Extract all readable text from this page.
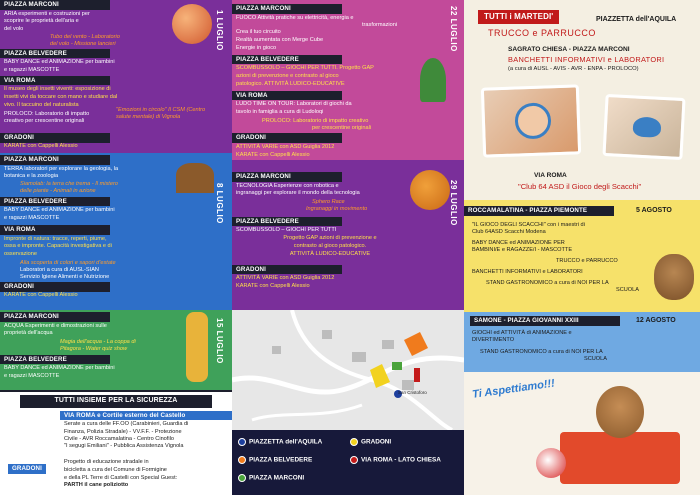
PIAZZA MARCONI
ARIA esperimenti e costruzioni per
scoprire le proprietà dell'aria e
del volo
Tubo del vento - Laboratorio
del volo - Missione lancieri
PIAZZA BELVEDERE
BABY DANCE ed ANIMAZIONE per bambini
e ragazzi MASCOTTE
VIA ROMA
Il museo degli insetti viventi: esposizione di
insetti vivi da toccare con mano e studiare dal
vivo. Il taccuino del naturalista
PROLOCO: Laboratorio di impatto creativo per crescentine originali
"Emozioni in circolo" Il CSM (Centro salute mentale) di Vignola
1 LUGLIO
GRADONI
KARATE con Cappelli Alessio
PIAZZA MARCONI
TERRA laboratori per esplorare la geologia, la
botanica e la zoologia
Siamolab: la terra che trema - Il mistero
delle piante - Animali in azione
PIAZZA BELVEDERE
BABY DANCE ed ANIMAZIONE per bambini
e ragazzi MASCOTTE
VIA ROMA
Impronte di natura: tracce, reperti, piume,
ossa e impronte. Capacità investigativa e di
osservazione
Alla scoperta di colori e sapori d'estate
Laboratori a cura di AUSL-SIAN
Servizio Igiene Alimenti e Nutrizione
GRADONI
KARATE con Cappelli Alessio
8 LUGLIO
PIAZZA MARCONI
ACQUA Esperimenti e dimostrazioni sulle
proprietà dell'acqua
Magia dell'acqua - La coppa di
Pitagora - Water quiz show
PIAZZA BELVEDERE
BABY DANCE ed ANIMAZIONE per bambini
e ragazzi MASCOTTE
15 LUGLIO
TUTTI INSIEME PER LA SICUREZZA
VIA ROMA e Cortile esterno del Castello
Serate a cura delle FF.OO (Carabinieri, Guardia di
Finanza, Polizia Stradale) - VV.F.F. - Protezione
Civile - AVR Roccamalatina - Centro Cinofilo
"I segugi Emiliani" - Pubblica Assistenza Vignola
GRADONI
Progetto di educazione stradale in
bicicletta a cura del Comune di Formigine
e della PL Terre di Castelli con Special Guest:
PARTH il cane poliziotto
PIAZZA MARCONI
FUOCO Attività pratiche su elettricità, energia e
trasformazioni
Crea il tuo circuito
Realtà aumentata con Merge Cube
Energie in gioco
PIAZZA BELVEDERE
SCOMBUSSOLO – GIOCHI PER TUTTI. Progetto GAP
azioni di prevenzione e contrasto al gioco
patologico. ATTIVITÀ LUDICO-EDUCATIVE
VIA ROMA
LUDO TIME ON TOUR: Laboratori di giochi da
tavolo in famiglia a cura di Ludoloqi
PROLOCO: Laboratorio di impatto creativo
per crescentine originali
GRADONI
ATTIVITÀ VARIE con ASD Guiglia 2012
KARATE con Cappelli Alessio
22 LUGLIO
PIAZZA MARCONI
TECNOLOGIA Esperienze con robotica e
ingranaggi per esplorare il mondo della tecnologia
Sphero Race
Ingranaggi in movimento
PIAZZA BELVEDERE
SCOMBUSSOLO – GIOCHI PER TUTTI
Progetto GAP azioni di prevenzione e
contrasto al gioco patologico.
ATTIVITÀ LUDICO-EDUCATIVE
GRADONI
ATTIVITÀ VARIE con ASD Guiglia 2012
KARATE con Cappelli Alessio
29 LUGLIO
San Cristoforo
PIAZZETTA dell'AQUILA	GRADONI
PIAZZA BELVEDERE	VIA ROMA - LATO CHIESA
PIAZZA MARCONI
TUTTI i MARTEDI'	PIAZZETTA dell'AQUILA
TRUCCO e PARRUCCO
SAGRATO CHIESA - PIAZZA MARCONI
BANCHETTI INFORMATIVI e LABORATORI
(a cura di AUSL - AVIS - AVR - ENPA - PROLOCO)
VIA ROMA
"Club 64 ASD il Gioco degli Scacchi"
ROCCAMALATINA - PIAZZA PIEMONTE	5 AGOSTO
"IL GIOCO DEGLI SCACCHI" con i maestri di
Club 64ASD Scacchi Modena
BABY DANCE ed ANIMAZIONE PER
BAMBINI/E e RAGAZZE/I - MASCOTTE
TRUCCO e PARRUCCO
BANCHETTI INFORMATIVI e LABORATORI
STAND GASTRONOMICO a cura di NOI PER LA
SCUOLA
SAMONE - PIAZZA GIOVANNI XXIII	12 AGOSTO
GIOCHI ed ATTIVITÀ di ANIMAZIONE e
DIVERTIMENTO
STAND GASTRONOMICO a cura di NOI PER LA
SCUOLA
Ti Aspettiamo!!!
